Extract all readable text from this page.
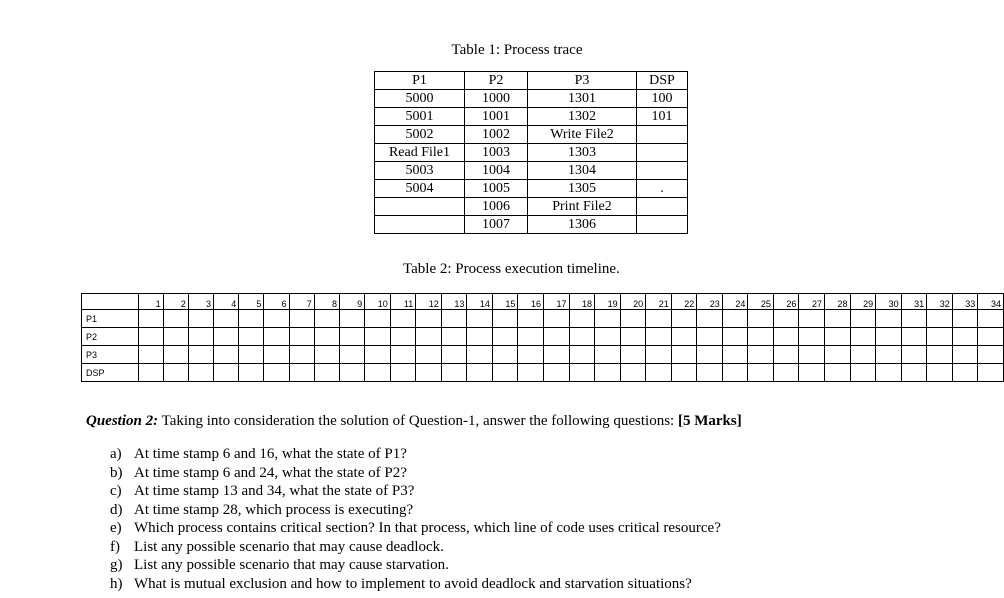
Table 1: Process trace
P1	P2	P3	DSP
5000	1000	1301	100
5001	1001	1302	101
5002	1002	Write File2	
Read File1	1003	1303	
5003	1004	1304	
5004	1005	1305	.
	1006	Print File2	
	1007	1306	
Table 2: Process execution timeline.
	1	2	3	4	5	6	7	8	9	10	11	12	13	14	15	16	17	18	19	20	21	22	23	24	25	26	27	28	29	30	31	32	33	34
P1																																		
P2																																		
P3																																		
DSP																																		
Question 2: Taking into consideration the solution of Question-1, answer the following questions: [5 Marks]
a) At time stamp 6 and 16, what the state of P1?
b) At time stamp 6 and 24, what the state of P2?
c) At time stamp 13 and 34, what the state of P3?
d) At time stamp 28, which process is executing?
e) Which process contains critical section? In that process, which line of code uses critical resource?
f) List any possible scenario that may cause deadlock.
g) List any possible scenario that may cause starvation.
h) What is mutual exclusion and how to implement to avoid deadlock and starvation situations?
